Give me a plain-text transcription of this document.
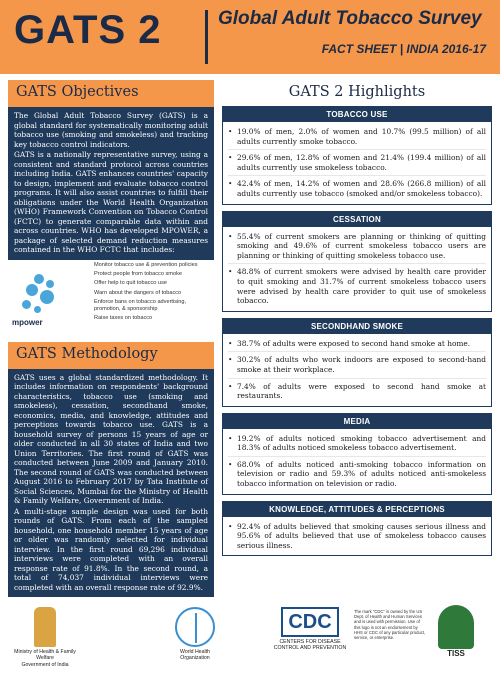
GATS 2	Global Adult Tobacco Survey
FACT SHEET | INDIA 2016-17
GATS Objectives

The Global Adult Tobacco Survey (GATS) is a global standard for systematically monitoring adult tobacco use (smoking and smokeless) and tracking key tobacco control indicators.

GATS is a nationally representative survey, using a consistent and standard protocol across countries including India. GATS enhances countries' capacity to design, implement and evaluate tobacco control programs. It will also assist countries to fulfill their obligations under the World Health Organization (WHO) Framework Convention on Tobacco Control (FCTC) to generate comparable data within and across countries. WHO has developed MPOWER, a package of selected demand reduction measures contained in the WHO FCTC that includes:

mpower
Monitor tobacco use & prevention policies
Protect people from tobacco smoke
Offer help to quit tobacco use
Warn about the dangers of tobacco
Enforce bans on tobacco advertising, promotion, & sponsorship
Raise taxes on tobacco
GATS Methodology

GATS uses a global standardized methodology. It includes information on respondents' background characteristics, tobacco use (smoking and smokeless), cessation, secondhand smoke, economics, media, and knowledge, attitudes and perceptions towards tobacco use. GATS is a household survey of persons 15 years of age or older conducted in all 30 states of India and two Union Territories. The first round of GATS was conducted between June 2009 and January 2010. The second round of GATS was conducted between August 2016 to February 2017 by Tata Institute of Social Sciences, Mumbai for the Ministry of Health & Family Welfare, Government of India.

A multi-stage sample design was used for both rounds of GATS. From each of the sampled household, one household member 15 years of age or older was randomly selected for individual interview. In the first round 69,296 individual interviews were completed with an overall response rate of 91.8%. In the second round, a total of 74,037 individual interviews were completed with an overall response rate of 92.9%.

GATS 2 Highlights
TOBACCO USE
• 19.0% of men, 2.0% of women and 10.7% (99.5 million) of all adults currently smoke tobacco.
• 29.6% of men, 12.8% of women and 21.4% (199.4 million) of all adults currently use smokeless tobacco.
• 42.4% of men, 14.2% of women and 28.6% (266.8 million) of all adults currently use tobacco (smoked and/or smokeless tobacco).
CESSATION
• 55.4% of current smokers are planning or thinking of quitting smoking and 49.6% of current smokeless tobacco users are planning or thinking of quitting smokeless tobacco use.
• 48.8% of current smokers were advised by health care provider to quit smoking and 31.7% of current smokeless tobacco users were advised by health care provider to quit use of smokeless tobacco.
SECONDHAND SMOKE
• 38.7% of adults were exposed to second hand smoke at home.
• 30.2% of adults who work indoors are exposed to second-hand smoke at their workplace.
• 7.4% of adults were exposed to second hand smoke at restaurants.
MEDIA
• 19.2% of adults noticed smoking tobacco advertisement and 18.3% of adults noticed smokeless tobacco advertisement.
• 68.0% of adults noticed anti-smoking tobacco information on television or radio and 59.3% of adults noticed anti-smokeless tobacco information on television or radio.
KNOWLEDGE, ATTITUDES & PERCEPTIONS
• 92.4% of adults believed that smoking causes serious illness and 95.6% of adults believed that use of smokeless tobacco causes serious illness.
Ministry of Health & Family Welfare
Government of India
World Health
Organization
CDC
CENTERS FOR DISEASE CONTROL AND PREVENTION
The mark "CDC" is owned by the US Dept. of Health and Human Services and is used with permission. Use of this logo is not an endorsement by HHS or CDC of any particular product, service, or enterprise.
TISS
